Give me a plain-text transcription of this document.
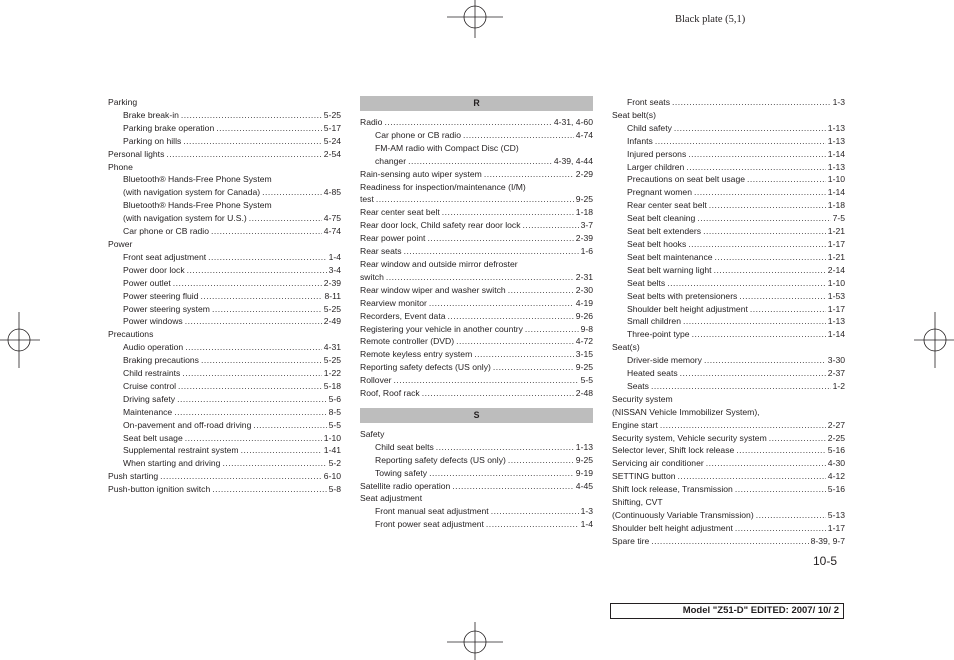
Black plate (5,1)
Parking
Brake break-in .....	5-25
Parking brake operation .....	5-17
Parking on hills .....	5-24
Personal lights .....	2-54
Phone
Bluetooth® Hands-Free Phone System
(with navigation system for Canada) .....	4-85
Bluetooth® Hands-Free Phone System
(with navigation system for U.S.) .....	4-75
Car phone or CB radio .....	4-74
Power
Front seat adjustment .....	1-4
Power door lock .....	3-4
Power outlet .....	2-39
Power steering fluid .....	8-11
Power steering system .....	5-25
Power windows .....	2-49
Precautions
Audio operation .....	4-31
Braking precautions .....	5-25
Child restraints .....	1-22
Cruise control .....	5-18
Driving safety .....	5-6
Maintenance .....	8-5
On-pavement and off-road driving .....	5-5
Seat belt usage .....	1-10
Supplemental restraint system .....	1-41
When starting and driving .....	5-2
Push starting .....	6-10
Push-button ignition switch .....	5-8
R
Radio .....	4-31, 4-60
Car phone or CB radio .....	4-74
FM-AM radio with Compact Disc (CD)
changer .....	4-39, 4-44
Rain-sensing auto wiper system .....	2-29
Readiness for inspection/maintenance (I/M)
test .....	9-25
Rear center seat belt .....	1-18
Rear door lock, Child safety rear door lock .....	3-7
Rear power point .....	2-39
Rear seats .....	1-6
Rear window and outside mirror defroster
switch .....	2-31
Rear window wiper and washer switch .....	2-30
Rearview monitor .....	4-19
Recorders, Event data .....	9-26
Registering your vehicle in another country .....	9-8
Remote controller (DVD) .....	4-72
Remote keyless entry system .....	3-15
Reporting safety defects (US only) .....	9-25
Rollover .....	5-5
Roof, Roof rack .....	2-48
S
Safety
Child seat belts .....	1-13
Reporting safety defects (US only) .....	9-25
Towing safety .....	9-19
Satellite radio operation .....	4-45
Seat adjustment
Front manual seat adjustment .....	1-3
Front power seat adjustment .....	1-4
Front seats .....	1-3
Seat belt(s)
Child safety .....	1-13
Infants .....	1-13
Injured persons .....	1-14
Larger children .....	1-13
Precautions on seat belt usage .....	1-10
Pregnant women .....	1-14
Rear center seat belt .....	1-18
Seat belt cleaning .....	7-5
Seat belt extenders .....	1-21
Seat belt hooks .....	1-17
Seat belt maintenance .....	1-21
Seat belt warning light .....	2-14
Seat belts .....	1-10
Seat belts with pretensioners .....	1-53
Shoulder belt height adjustment .....	1-17
Small children .....	1-13
Three-point type .....	1-14
Seat(s)
Driver-side memory .....	3-30
Heated seats .....	2-37
Seats .....	1-2
Security system
(NISSAN Vehicle Immobilizer System),
Engine start .....	2-27
Security system, Vehicle security system .....	2-25
Selector lever, Shift lock release .....	5-16
Servicing air conditioner .....	4-30
SETTING button .....	4-12
Shift lock release, Transmission .....	5-16
Shifting, CVT
(Continuously Variable Transmission) .....	5-13
Shoulder belt height adjustment .....	1-17
Spare tire .....	8-39, 9-7
10-5
Model "Z51-D" EDITED: 2007/ 10/ 2
